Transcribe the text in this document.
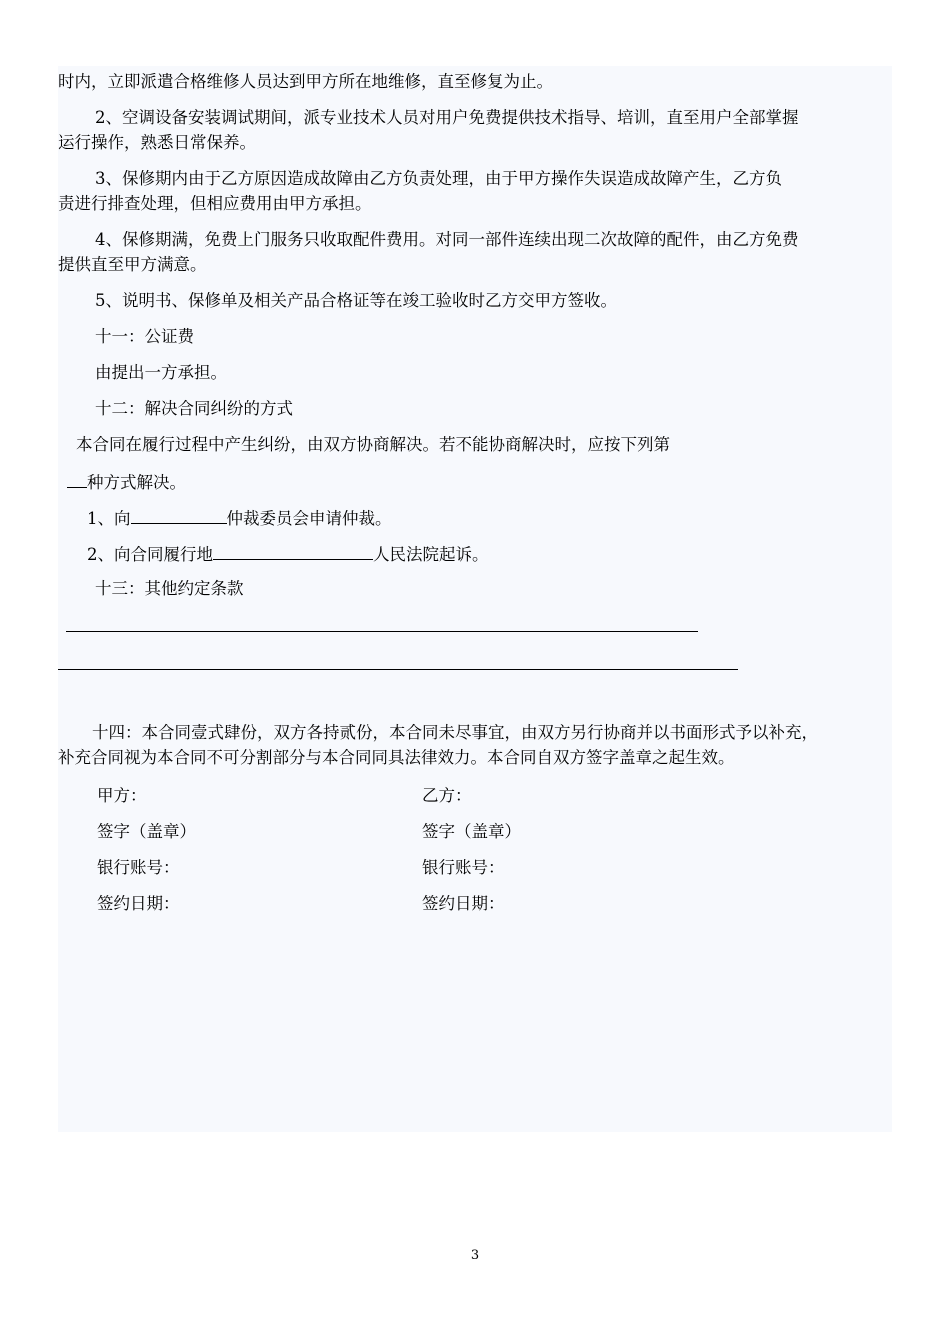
时内，立即派遣合格维修人员达到甲方所在地维修，直至修复为止。
2、空调设备安装调试期间，派专业技术人员对用户免费提供技术指导、培训，直至用户全部掌握
运行操作，熟悉日常保养。
3、保修期内由于乙方原因造成故障由乙方负责处理，由于甲方操作失误造成故障产生，乙方负
责进行排查处理，但相应费用由甲方承担。
4、保修期满，免费上门服务只收取配件费用。对同一部件连续出现二次故障的配件，由乙方免费
提供直至甲方满意。
5、说明书、保修单及相关产品合格证等在竣工验收时乙方交甲方签收。
十一：公证费
由提出一方承担。
十二：解决合同纠纷的方式
本合同在履行过程中产生纠纷，由双方协商解决。若不能协商解决时，应按下列第
种方式解决。
1、向	仲裁委员会申请仲裁。
2、向合同履行地	人民法院起诉。
十三：其他约定条款
十四：本合同壹式肆份，双方各持贰份，本合同未尽事宜，由双方另行协商并以书面形式予以补充，
补充合同视为本合同不可分割部分与本合同同具法律效力。本合同自双方签字盖章之起生效。
甲方：	乙方：
签字（盖章）	签字（盖章）
银行账号：	银行账号：
签约日期：	签约日期：
3
